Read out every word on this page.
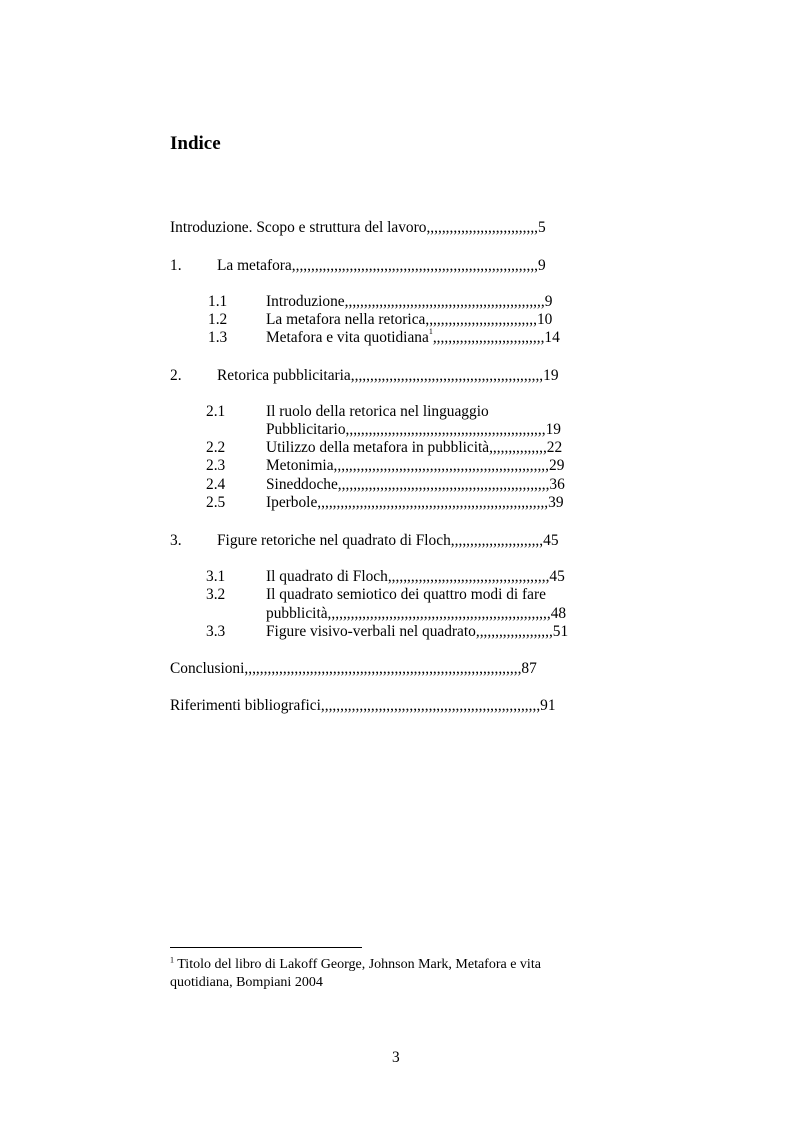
Indice
Introduzione. Scopo e struttura del lavoro,,,,,,,,,,,,,,,,,,,,,,,,,,,,,5
1. La metafora,,,,,,,,,,,,,,,,,,,,,,,,,,,,,,,,,,,,,,,,,,,,,,,,,,,,,,,,,,,,,,,,9
1.1	Introduzione,,,,,,,,,,,,,,,,,,,,,,,,,,,,,,,,,,,,,,,,,,,,,,,,,,,,9
1.2	La metafora nella retorica,,,,,,,,,,,,,,,,,,,,,,,,,,,,,10
1.3	Metafora e vita quotidiana$^1$,,,,,,,,,,,,,,,,,,,,,,,,,,,,,14
2. Retorica pubblicitaria,,,,,,,,,,,,,,,,,,,,,,,,,,,,,,,,,,,,,,,,,,,,,,,,,,19
2.1	Il ruolo della retorica nel linguaggio
Pubblicitario,,,,,,,,,,,,,,,,,,,,,,,,,,,,,,,,,,,,,,,,,,,,,,,,,,,,19
2.2	Utilizzo della metafora in pubblicità,,,,,,,,,,,,,,,22
2.3	Metonimia,,,,,,,,,,,,,,,,,,,,,,,,,,,,,,,,,,,,,,,,,,,,,,,,,,,,,,,,29
2.4	Sineddoche,,,,,,,,,,,,,,,,,,,,,,,,,,,,,,,,,,,,,,,,,,,,,,,,,,,,,,,36
2.5	Iperbole,,,,,,,,,,,,,,,,,,,,,,,,,,,,,,,,,,,,,,,,,,,,,,,,,,,,,,,,,,,,39
3. Figure retoriche nel quadrato di Floch,,,,,,,,,,,,,,,,,,,,,,,,45
3.1	Il quadrato di Floch,,,,,,,,,,,,,,,,,,,,,,,,,,,,,,,,,,,,,,,,,,45
3.2	Il quadrato semiotico dei quattro modi di fare
pubblicità,,,,,,,,,,,,,,,,,,,,,,,,,,,,,,,,,,,,,,,,,,,,,,,,,,,,,,,,,,48
3.3	Figure visivo-verbali nel quadrato,,,,,,,,,,,,,,,,,,,,51
Conclusioni,,,,,,,,,,,,,,,,,,,,,,,,,,,,,,,,,,,,,,,,,,,,,,,,,,,,,,,,,,,,,,,,,,,,,,,,87
Riferimenti bibliografici,,,,,,,,,,,,,,,,,,,,,,,,,,,,,,,,,,,,,,,,,,,,,,,,,,,,,,,,,91
$^1$ Titolo del libro di Lakoff George, Johnson Mark, Metafora e vita quotidiana, Bompiani 2004
3
